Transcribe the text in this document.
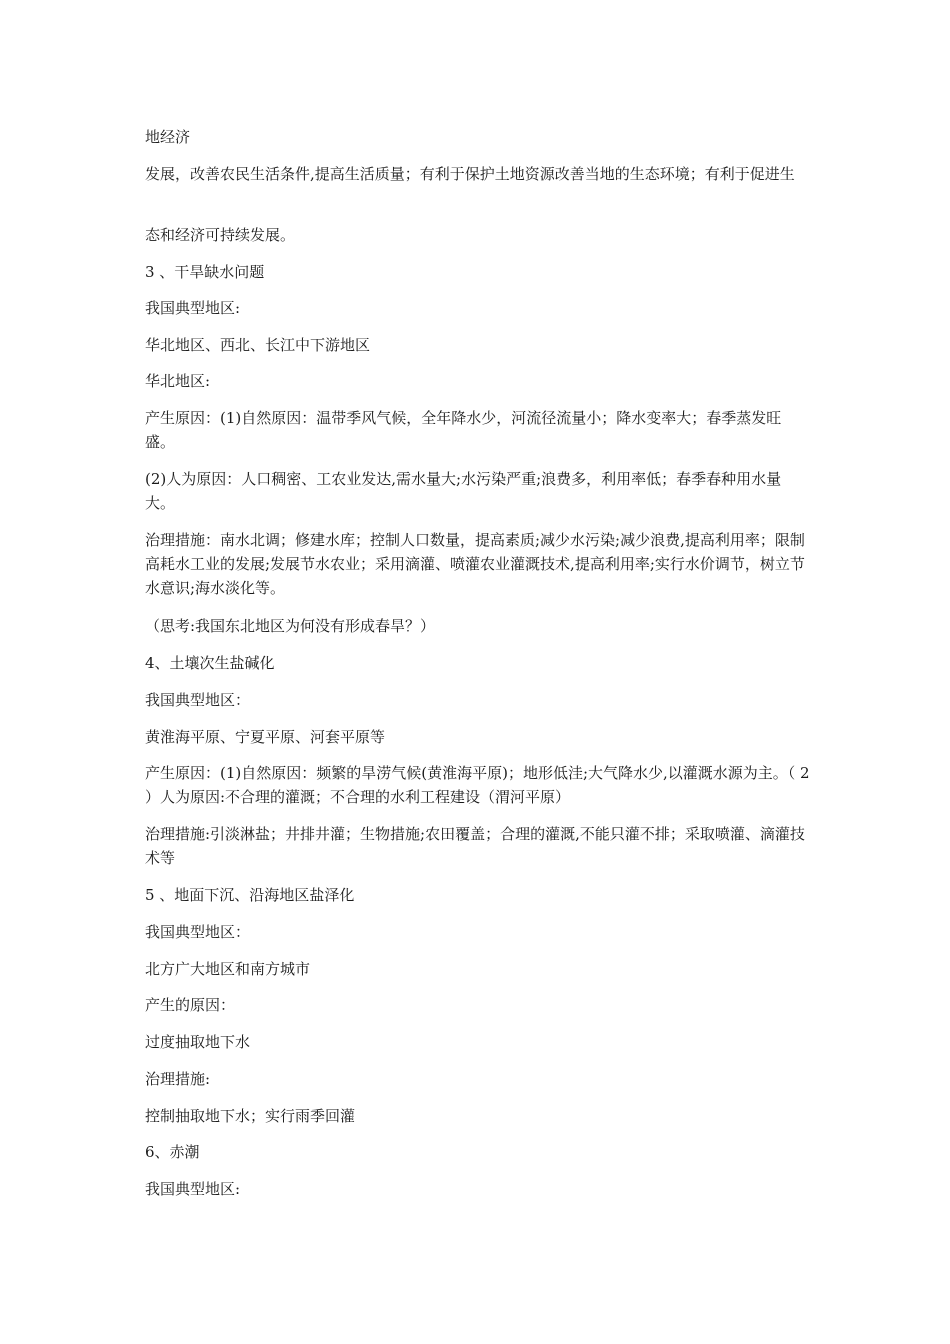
地经济

发展，改善农民生活条件,提高生活质量；有利于保护土地资源改善当地的生态环境；有利于促进生

态和经济可持续发展。

3 、干旱缺水问题

我国典型地区:

华北地区、西北、长江中下游地区

华北地区:

产生原因：(1)自然原因：温带季风气候，全年降水少，河流径流量小；降水变率大；春季蒸发旺盛。

(2)人为原因：人口稠密、工农业发达,需水量大;水污染严重;浪费多，利用率低；春季春种用水量大。

治理措施：南水北调；修建水库；控制人口数量，提高素质;减少水污染;减少浪费,提高利用率；限制高耗水工业的发展;发展节水农业；采用滴灌、喷灌农业灌溉技术,提高利用率;实行水价调节，树立节水意识;海水淡化等。

（思考:我国东北地区为何没有形成春旱？）

4、土壤次生盐碱化

我国典型地区：

黄淮海平原、宁夏平原、河套平原等

产生原因：(1)自然原因：频繁的旱涝气候(黄淮海平原)；地形低洼;大气降水少,以灌溉水源为主。（ 2 ）人为原因:不合理的灌溉；不合理的水利工程建设（渭河平原）

治理措施:引淡淋盐；井排井灌；生物措施;农田覆盖；合理的灌溉,不能只灌不排；采取喷灌、滴灌技术等

5 、地面下沉、沿海地区盐泽化

我国典型地区：

北方广大地区和南方城市

产生的原因：

过度抽取地下水

治理措施:

控制抽取地下水；实行雨季回灌

6、赤潮

我国典型地区:
